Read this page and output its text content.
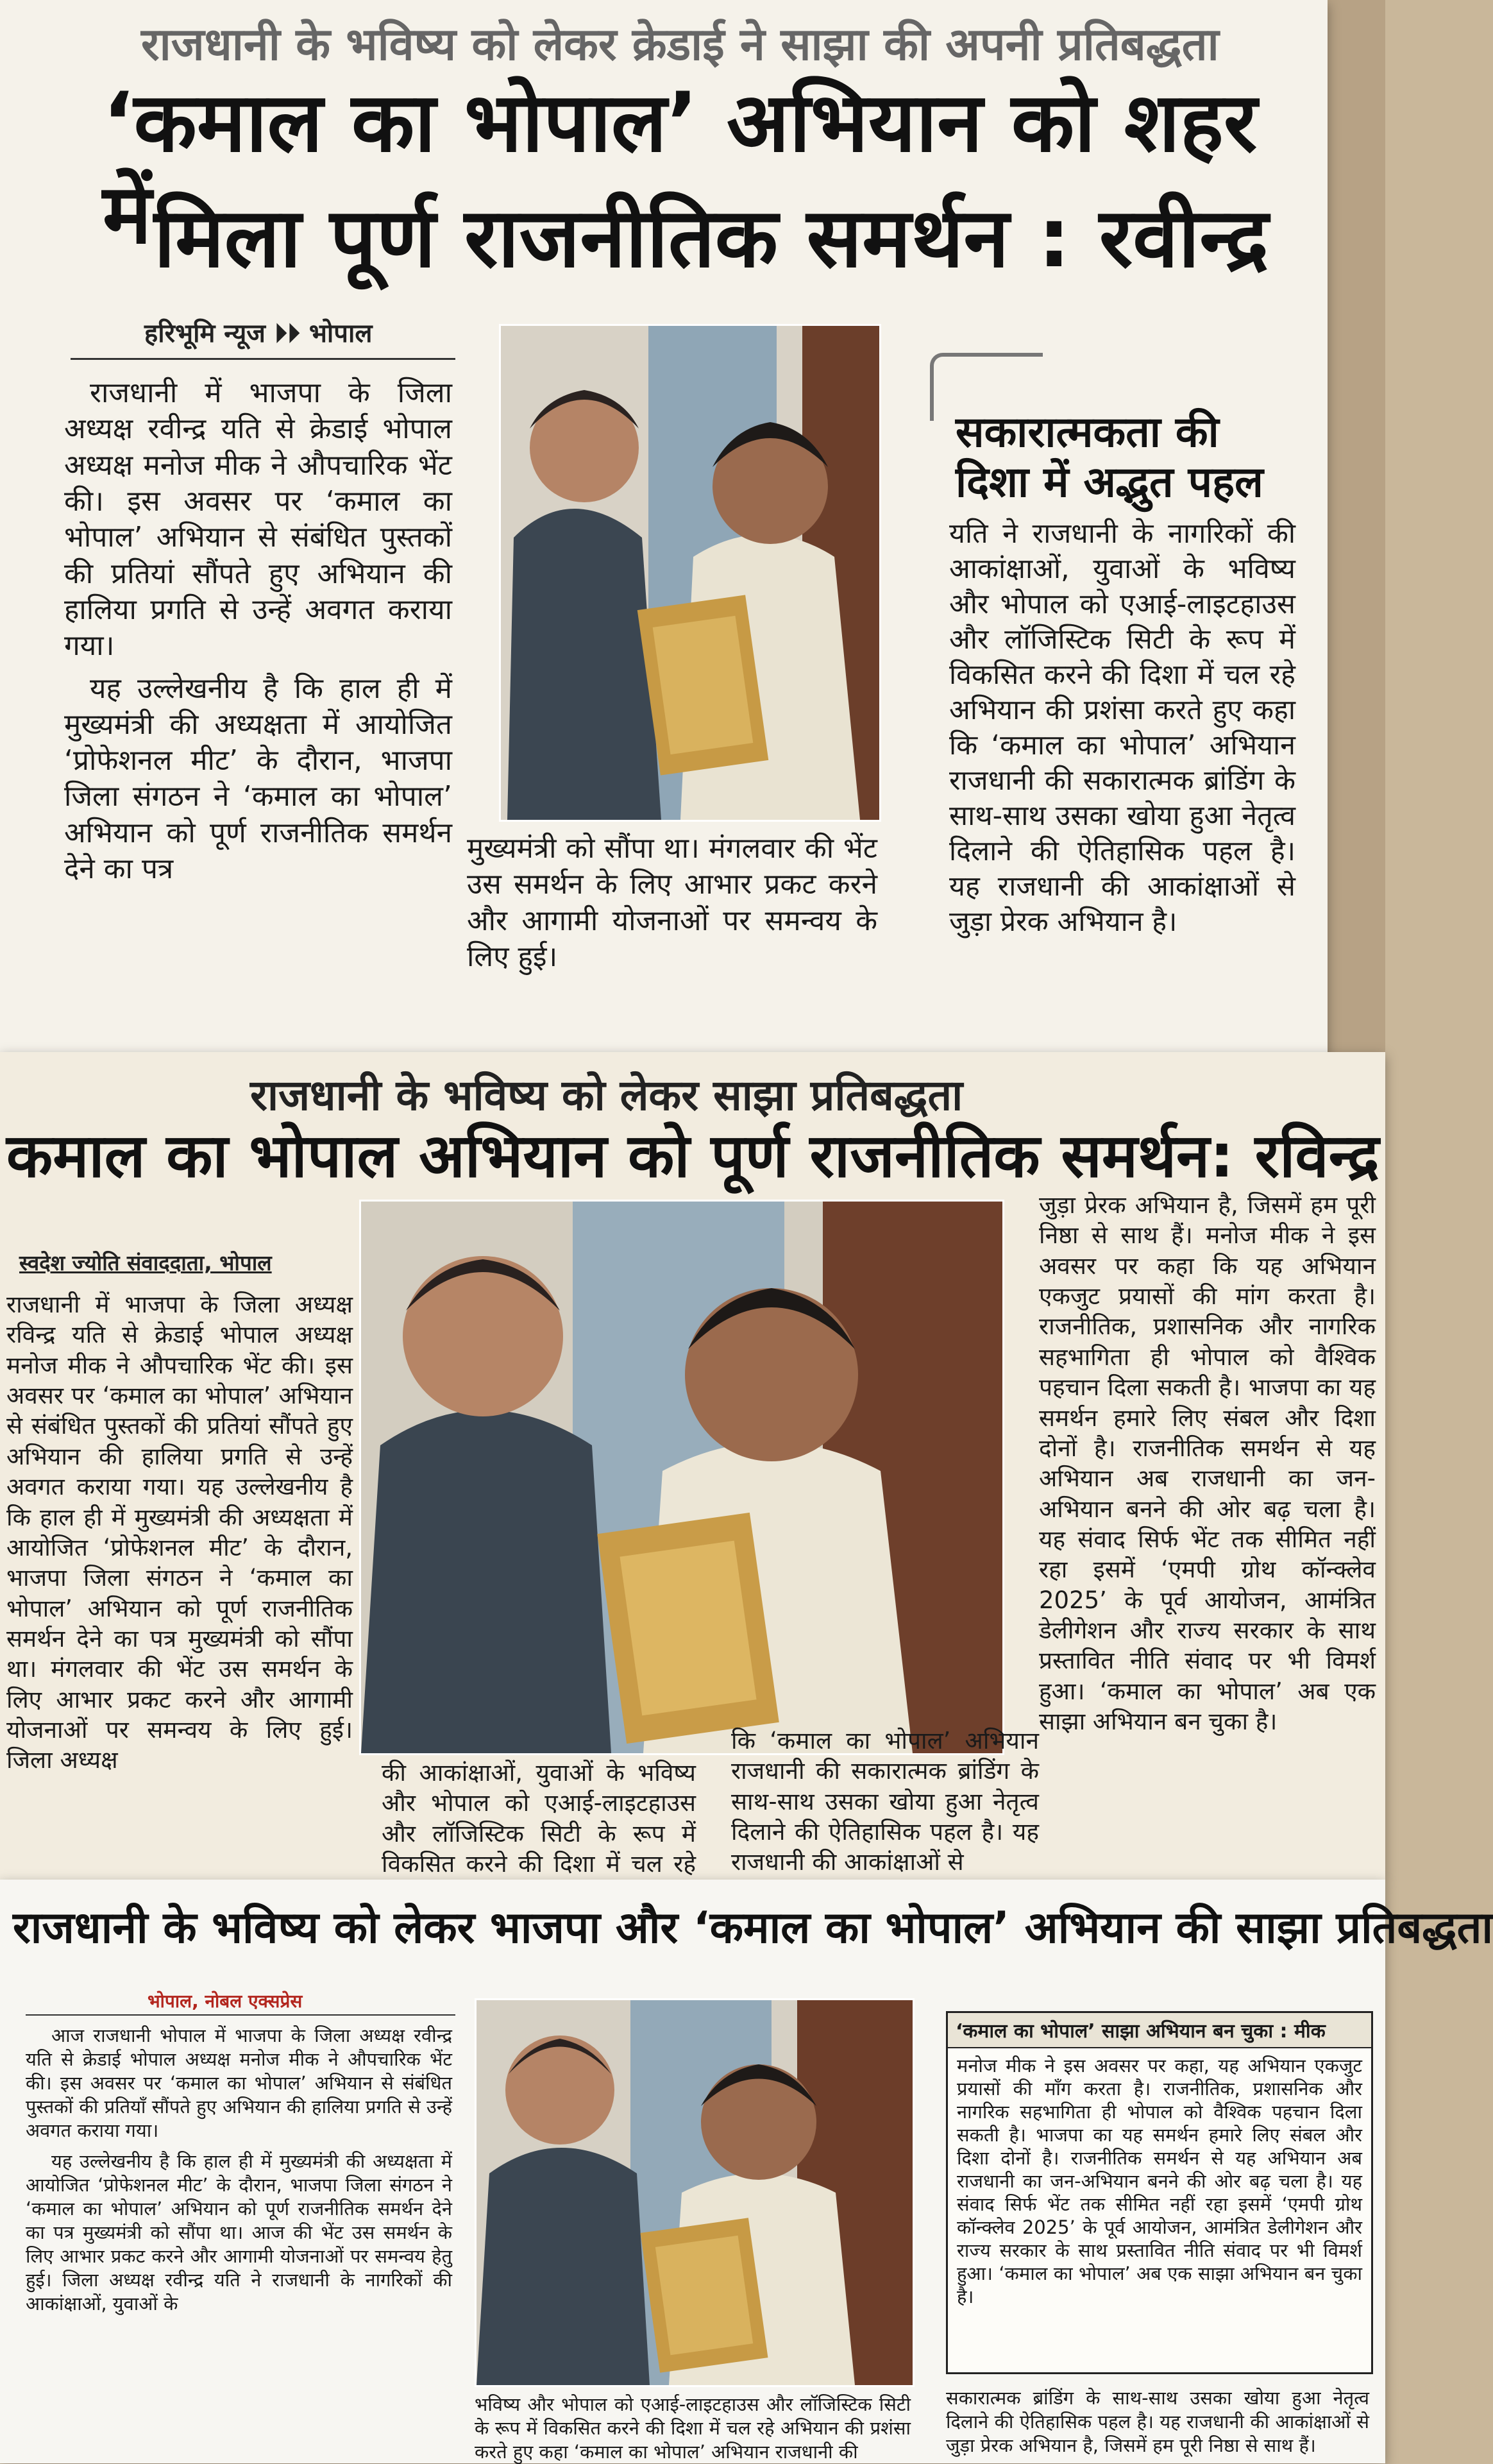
राजधानी के भविष्य को लेकर क्रेडाई ने साझा की अपनी प्रतिबद्धता
‘कमाल का भोपाल’ अभियान को शहर में मिला पूर्ण राजनीतिक समर्थन : रवीन्द्र
हरिभूमि न्यूज ⏵⏵ भोपाल
राजधानी में भाजपा के जिला अध्यक्ष रवीन्द्र यति से क्रेडाई भोपाल अध्यक्ष मनोज मीक ने औपचारिक भेंट की। इस अवसर पर ‘कमाल का भोपाल’ अभियान से संबंधित पुस्तकों की प्रतियां सौंपते हुए अभियान की हालिया प्रगति से उन्हें अवगत कराया गया।
यह उल्लेखनीय है कि हाल ही में मुख्यमंत्री की अध्यक्षता में आयोजित ‘प्रोफेशनल मीट’ के दौरान, भाजपा जिला संगठन ने ‘कमाल का भोपाल’ अभियान को पूर्ण राजनीतिक समर्थन देने का पत्र
मुख्यमंत्री को सौंपा था। मंगलवार की भेंट उस समर्थन के लिए आभार प्रकट करने और आगामी योजनाओं पर समन्वय के लिए हुई।
सकारात्मकता की दिशा में अद्भुत पहल
यति ने राजधानी के नागरिकों की आकांक्षाओं, युवाओं के भविष्य और भोपाल को एआई-लाइटहाउस और लॉजिस्टिक सिटी के रूप में विकसित करने की दिशा में चल रहे अभियान की प्रशंसा करते हुए कहा कि ‘कमाल का भोपाल’ अभियान राजधानी की सकारात्मक ब्रांडिंग के साथ-साथ उसका खोया हुआ नेतृत्व दिलाने की ऐतिहासिक पहल है। यह राजधानी की आकांक्षाओं से जुड़ा प्रेरक अभियान है।
राजधानी के भविष्य को लेकर साझा प्रतिबद्धता
कमाल का भोपाल अभियान को पूर्ण राजनीतिक समर्थन: रविन्द्र
स्वदेश ज्योति संवाददाता, भोपाल
राजधानी में भाजपा के जिला अध्यक्ष रविन्द्र यति से क्रेडाई भोपाल अध्यक्ष मनोज मीक ने औपचारिक भेंट की। इस अवसर पर ‘कमाल का भोपाल’ अभियान से संबंधित पुस्तकों की प्रतियां सौंपते हुए अभियान की हालिया प्रगति से उन्हें अवगत कराया गया। यह उल्लेखनीय है कि हाल ही में मुख्यमंत्री की अध्यक्षता में आयोजित ‘प्रोफेशनल मीट’ के दौरान, भाजपा जिला संगठन ने ‘कमाल का भोपाल’ अभियान को पूर्ण राजनीतिक समर्थन देने का पत्र मुख्यमंत्री को सौंपा था। मंगलवार की भेंट उस समर्थन के लिए आभार प्रकट करने और आगामी योजनाओं पर समन्वय के लिए हुई। जिला अध्यक्ष	की आकांक्षाओं, युवाओं के भविष्य और भोपाल को एआई-लाइटहाउस और लॉजिस्टिक सिटी के रूप में विकसित करने की दिशा में चल रहे
कि ‘कमाल का भोपाल’ अभियान राजधानी की सकारात्मक ब्रांडिंग के साथ-साथ उसका खोया हुआ नेतृत्व दिलाने की ऐतिहासिक पहल है। यह राजधानी की आकांक्षाओं से
जुड़ा प्रेरक अभियान है, जिसमें हम पूरी निष्ठा से साथ हैं। मनोज मीक ने इस अवसर पर कहा कि यह अभियान एकजुट प्रयासों की मांग करता है। राजनीतिक, प्रशासनिक और नागरिक सहभागिता ही भोपाल को वैश्विक पहचान दिला सकती है। भाजपा का यह समर्थन हमारे लिए संबल और दिशा दोनों है। राजनीतिक समर्थन से यह अभियान अब राजधानी का जन-अभियान बनने की ओर बढ़ चला है। यह संवाद सिर्फ भेंट तक सीमित नहीं रहा इसमें ‘एमपी ग्रोथ कॉन्क्लेव 2025’ के पूर्व आयोजन, आमंत्रित डेलीगेशन और राज्य सरकार के साथ प्रस्तावित नीति संवाद पर भी विमर्श हुआ। ‘कमाल का भोपाल’ अब एक साझा अभियान बन चुका है।
राजधानी के भविष्य को लेकर भाजपा और ‘कमाल का भोपाल’ अभियान की साझा प्रतिबद्धता
भोपाल, नोबल एक्सप्रेस
आज राजधानी भोपाल में भाजपा के जिला अध्यक्ष रवीन्द्र यति से क्रेडाई भोपाल अध्यक्ष मनोज मीक ने औपचारिक भेंट की। इस अवसर पर ‘कमाल का भोपाल’ अभियान से संबंधित पुस्तकों की प्रतियाँ सौंपते हुए अभियान की हालिया प्रगति से उन्हें अवगत कराया गया।
यह उल्लेखनीय है कि हाल ही में मुख्यमंत्री की अध्यक्षता में आयोजित ‘प्रोफेशनल मीट’ के दौरान, भाजपा जिला संगठन ने ‘कमाल का भोपाल’ अभियान को पूर्ण राजनीतिक समर्थन देने का पत्र मुख्यमंत्री को सौंपा था। आज की भेंट उस समर्थन के लिए आभार प्रकट करने और आगामी योजनाओं पर समन्वय हेतु हुई। जिला अध्यक्ष रवीन्द्र यति ने राजधानी के नागरिकों की आकांक्षाओं, युवाओं के
भविष्य और भोपाल को एआई-लाइटहाउस और लॉजिस्टिक सिटी के रूप में विकसित करने की दिशा में चल रहे अभियान की प्रशंसा करते हुए कहा ‘कमाल का भोपाल’ अभियान राजधानी की
‘कमाल का भोपाल’ साझा अभियान बन चुका : मीक
मनोज मीक ने इस अवसर पर कहा, यह अभियान एकजुट प्रयासों की माँग करता है। राजनीतिक, प्रशासनिक और नागरिक सहभागिता ही भोपाल को वैश्विक पहचान दिला सकती है। भाजपा का यह समर्थन हमारे लिए संबल और दिशा दोनों है। राजनीतिक समर्थन से यह अभियान अब राजधानी का जन-अभियान बनने की ओर बढ़ चला है। यह संवाद सिर्फ भेंट तक सीमित नहीं रहा इसमें ‘एमपी ग्रोथ कॉन्क्लेव 2025’ के पूर्व आयोजन, आमंत्रित डेलीगेशन और राज्य सरकार के साथ प्रस्तावित नीति संवाद पर भी विमर्श हुआ। ‘कमाल का भोपाल’ अब एक साझा अभियान बन चुका है।
सकारात्मक ब्रांडिंग के साथ-साथ उसका खोया हुआ नेतृत्व दिलाने की ऐतिहासिक पहल है। यह राजधानी की आकांक्षाओं से जुड़ा प्रेरक अभियान है, जिसमें हम पूरी निष्ठा से साथ हैं।
